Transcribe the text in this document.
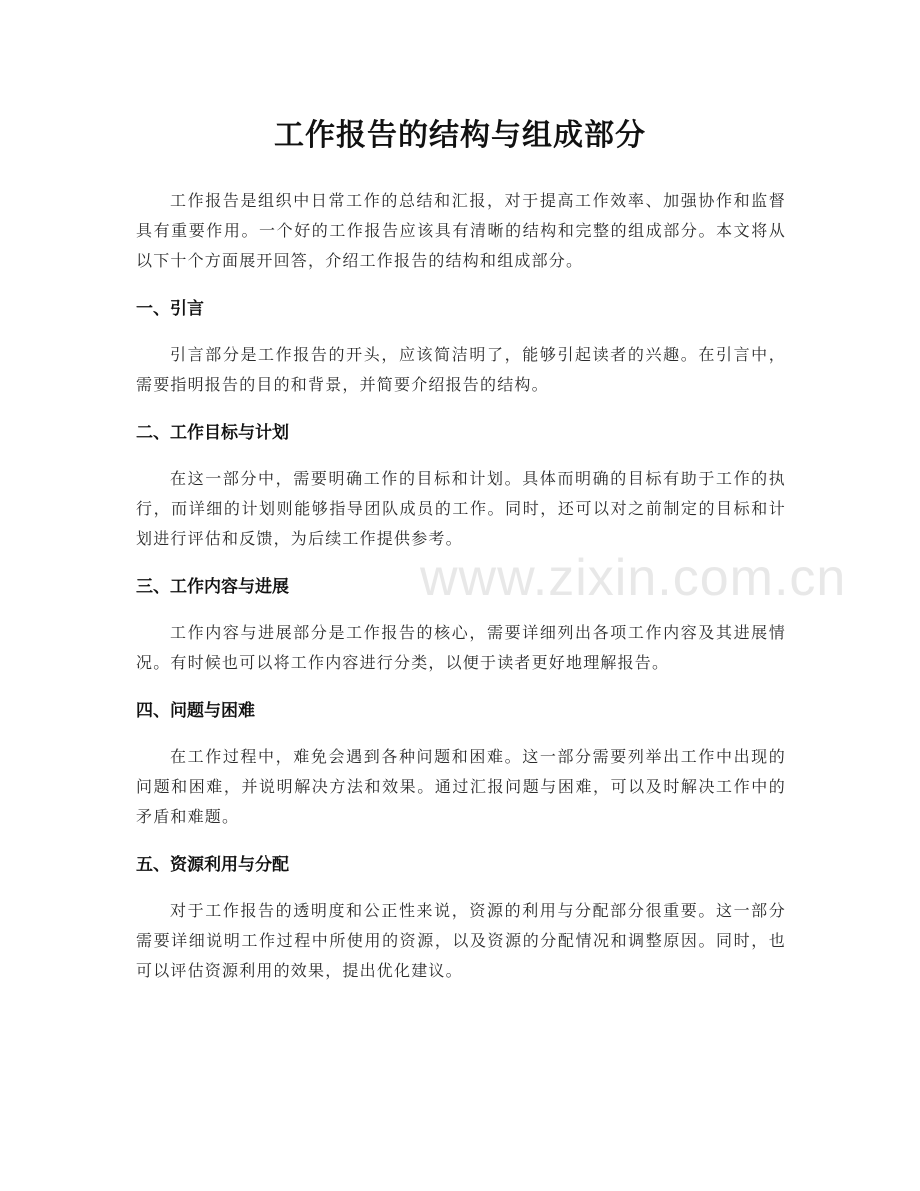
工作报告的结构与组成部分
www.zixin.com.cn

工作报告是组织中日常工作的总结和汇报，对于提高工作效率、加强协作和监督具有重要作用。一个好的工作报告应该具有清晰的结构和完整的组成部分。本文将从以下十个方面展开回答，介绍工作报告的结构和组成部分。

一、引言

引言部分是工作报告的开头，应该简洁明了，能够引起读者的兴趣。在引言中，需要指明报告的目的和背景，并简要介绍报告的结构。

二、工作目标与计划

在这一部分中，需要明确工作的目标和计划。具体而明确的目标有助于工作的执行，而详细的计划则能够指导团队成员的工作。同时，还可以对之前制定的目标和计划进行评估和反馈，为后续工作提供参考。

三、工作内容与进展

工作内容与进展部分是工作报告的核心，需要详细列出各项工作内容及其进展情况。有时候也可以将工作内容进行分类，以便于读者更好地理解报告。

四、问题与困难

在工作过程中，难免会遇到各种问题和困难。这一部分需要列举出工作中出现的问题和困难，并说明解决方法和效果。通过汇报问题与困难，可以及时解决工作中的矛盾和难题。

五、资源利用与分配

对于工作报告的透明度和公正性来说，资源的利用与分配部分很重要。这一部分需要详细说明工作过程中所使用的资源，以及资源的分配情况和调整原因。同时，也可以评估资源利用的效果，提出优化建议。
